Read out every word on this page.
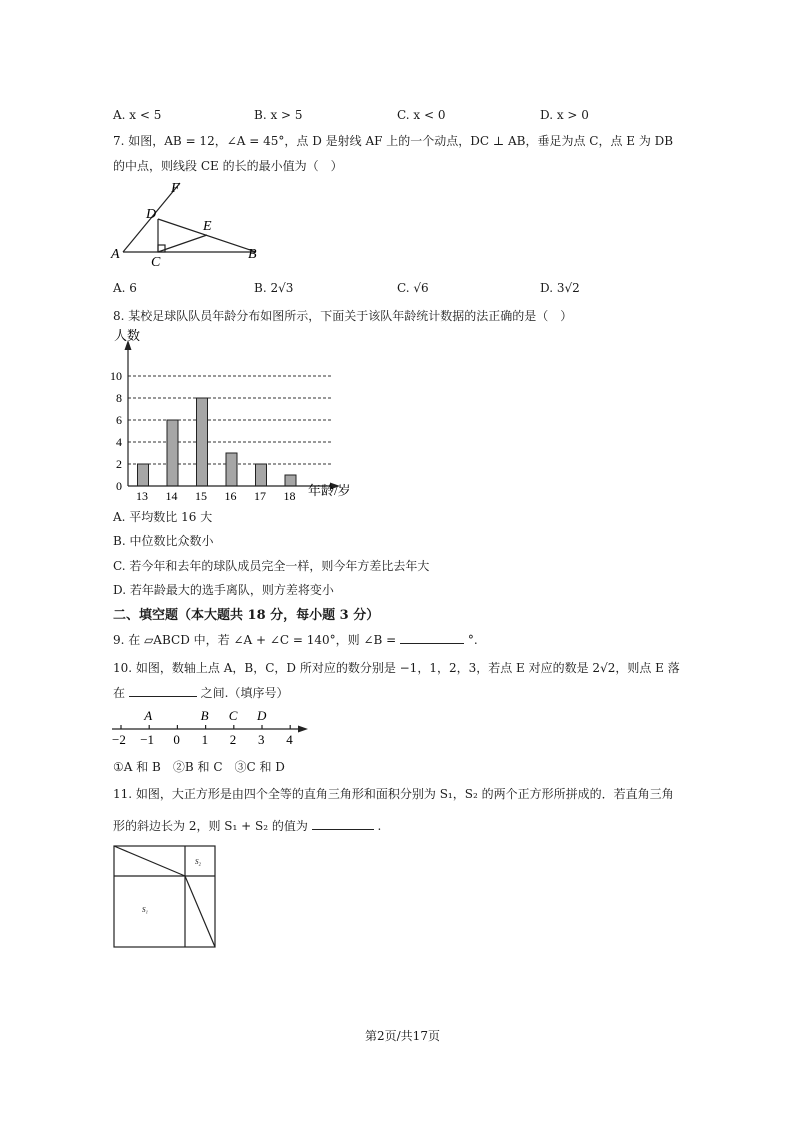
A. x < 5	B. x > 5	C. x < 0	D. x > 0
7. 如图，AB = 12，∠A = 45°，点 D 是射线 AF 上的一个动点，DC ⊥ AB，垂足为点 C，点 E 为 DB
的中点，则线段 CE 的长的最小值为（　）
F
D
E
A
C
B
A. 6	B. 2√3	C. √6	D. 3√2
8. 某校足球队队员年龄分布如图所示，下面关于该队年龄统计数据的法正确的是（　）
0
2
4
6
8
10
13 14 15 16 17 18
人数
年龄/岁
A. 平均数比 16 大
B. 中位数比众数小
C. 若今年和去年的球队成员完全一样，则今年方差比去年大
D. 若年龄最大的选手离队，则方差将变小
二、填空题（本大题共 18 分，每小题 3 分）
9. 在 ▱ABCD 中，若 ∠A + ∠C = 140°，则 ∠B =	°.
10. 如图，数轴上点 A，B，C，D 所对应的数分别是 −1，1，2，3，若点 E 对应的数是 2√2，则点 E 落
在	之间.（填序号）
−2 −1 0 1 2 3 4
A	B C D
①A 和 B　②B 和 C　③C 和 D
11. 如图，大正方形是由四个全等的直角三角形和面积分别为 S₁，S₂ 的两个正方形所拼成的．若直角三角
形的斜边长为 2，则 S₁ + S₂ 的值为	.
S₂
S₁
第2页/共17页
